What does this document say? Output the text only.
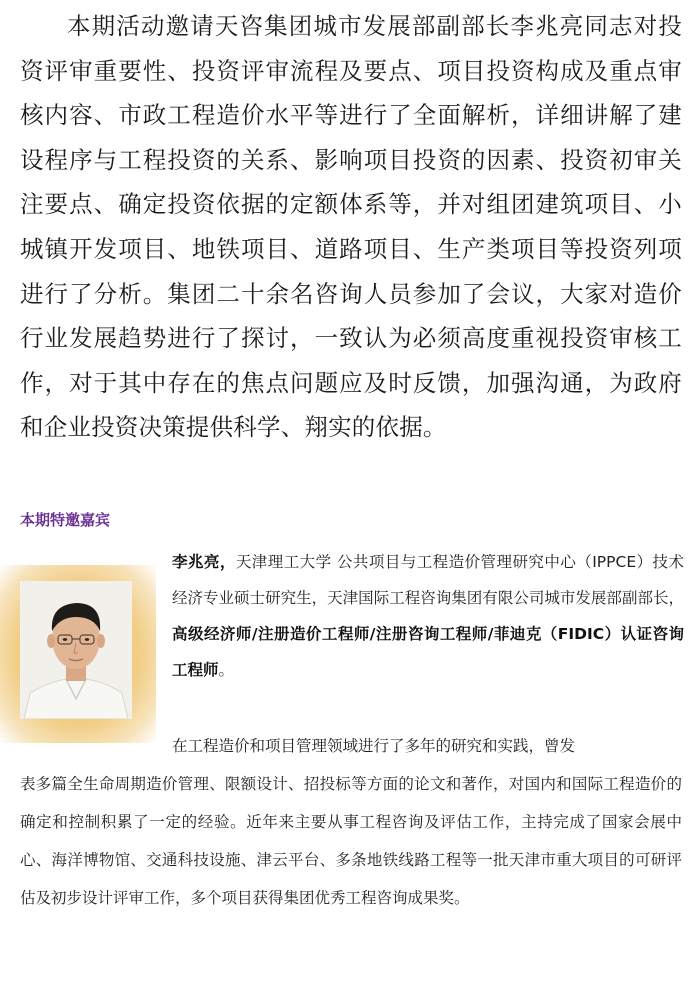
本期活动邀请天咨集团城市发展部副部长李兆亮同志对投资评审重要性、投资评审流程及要点、项目投资构成及重点审核内容、市政工程造价水平等进行了全面解析，详细讲解了建设程序与工程投资的关系、影响项目投资的因素、投资初审关注要点、确定投资依据的定额体系等，并对组团建筑项目、小城镇开发项目、地铁项目、道路项目、生产类项目等投资列项进行了分析。集团二十余名咨询人员参加了会议，大家对造价行业发展趋势进行了探讨，一致认为必须高度重视投资审核工作，对于其中存在的焦点问题应及时反馈，加强沟通，为政府和企业投资决策提供科学、翔实的依据。

本期特邀嘉宾

李兆亮，天津理工大学 公共项目与工程造价管理研究中心（IPPCE）技术经济专业硕士研究生，天津国际工程咨询集团有限公司城市发展部副部长，高级经济师/注册造价工程师/注册咨询工程师/菲迪克（FIDIC）认证咨询工程师。

在工程造价和项目管理领域进行了多年的研究和实践，曾发
表多篇全生命周期造价管理、限额设计、招投标等方面的论文和著作，对国内和国际工程造价的确定和控制积累了一定的经验。近年来主要从事工程咨询及评估工作，主持完成了国家会展中心、海洋博物馆、交通科技设施、津云平台、多条地铁线路工程等一批天津市重大项目的可研评估及初步设计评审工作，多个项目获得集团优秀工程咨询成果奖。
